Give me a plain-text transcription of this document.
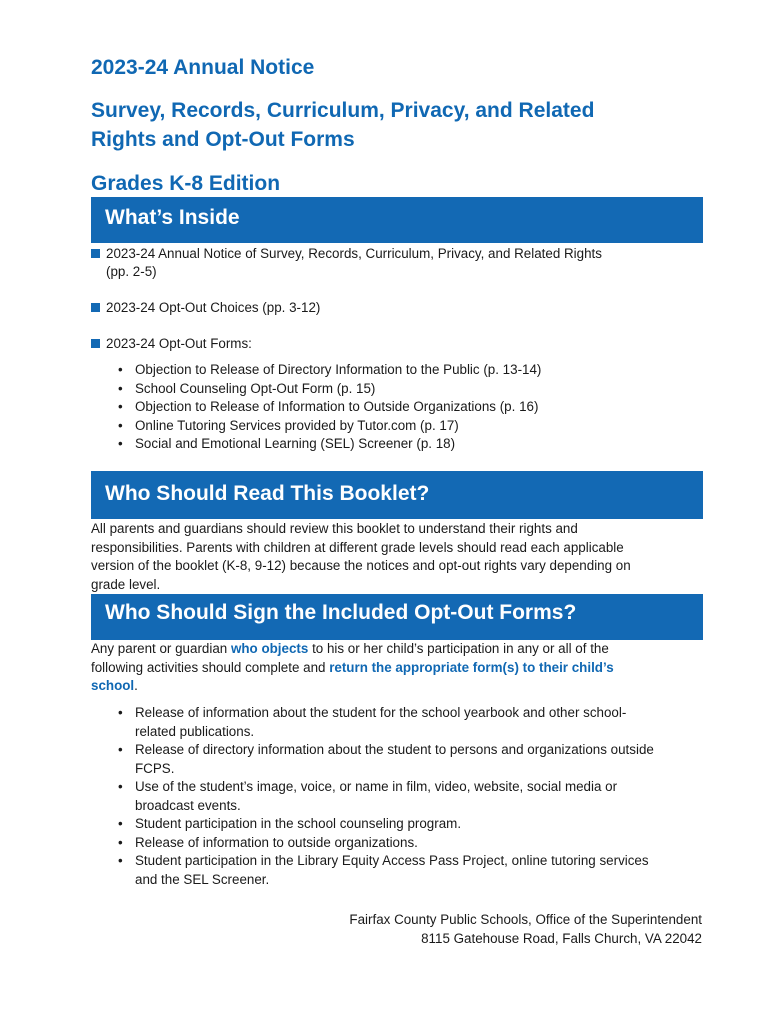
2023-24 Annual Notice
Survey, Records, Curriculum, Privacy, and Related
Rights and Opt-Out Forms
Grades K-8 Edition
What’s Inside
2023-24 Annual Notice of Survey, Records, Curriculum, Privacy, and Related Rights
(pp. 2-5)
2023-24 Opt-Out Choices (pp. 3-12)
2023-24 Opt-Out Forms:
• Objection to Release of Directory Information to the Public (p. 13-14)
• School Counseling Opt-Out Form (p. 15)
• Objection to Release of Information to Outside Organizations (p. 16)
• Online Tutoring Services provided by Tutor.com (p. 17)
• Social and Emotional Learning (SEL) Screener (p. 18)
Who Should Read This Booklet?

All parents and guardians should review this booklet to understand their rights and
responsibilities. Parents with children at different grade levels should read each applicable
version of the booklet (K-8, 9-12) because the notices and opt-out rights vary depending on
grade level.

Who Should Sign the Included Opt-Out Forms?

Any parent or guardian who objects to his or her child’s participation in any or all of the
following activities should complete and return the appropriate form(s) to their child’s
school.

• Release of information about the student for the school yearbook and other school-
related publications.
• Release of directory information about the student to persons and organizations outside
FCPS.
• Use of the student’s image, voice, or name in film, video, website, social media or
broadcast events.
• Student participation in the school counseling program.
• Release of information to outside organizations.
• Student participation in the Library Equity Access Pass Project, online tutoring services
and the SEL Screener.
Fairfax County Public Schools, Office of the Superintendent
8115 Gatehouse Road, Falls Church, VA 22042
